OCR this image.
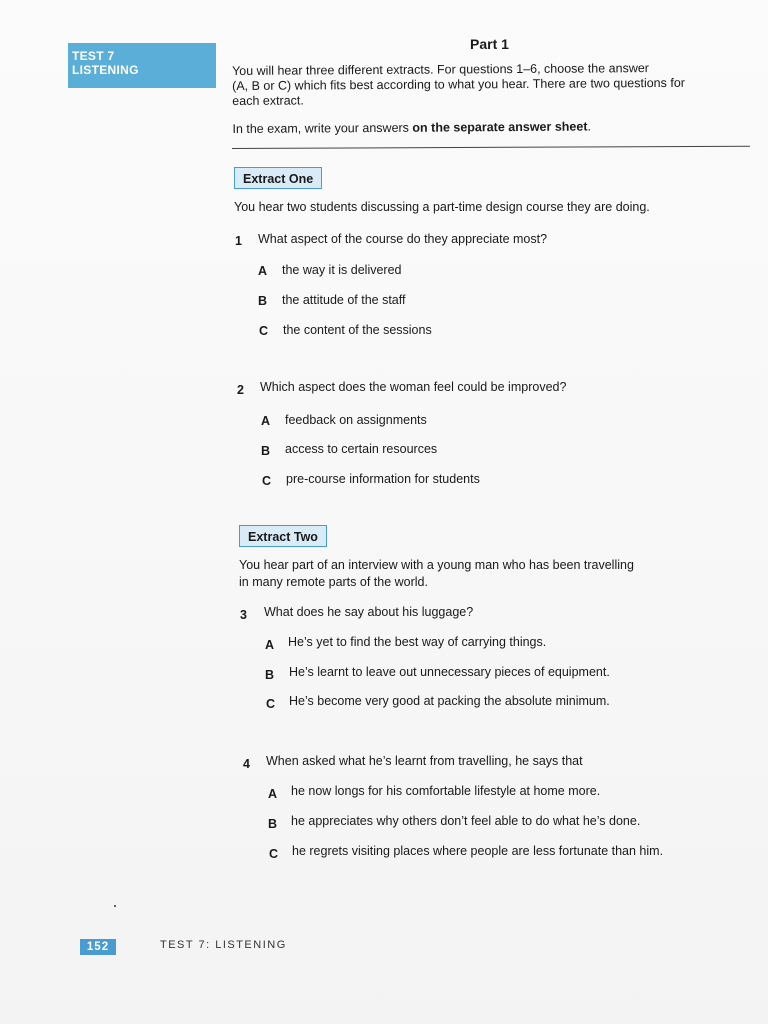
TEST 7
LISTENING
Part 1

You will hear three different extracts. For questions 1–6, choose the answer

(A, B or C) which fits best according to what you hear. There are two questions for

each extract.

In the exam, write your answers on the separate answer sheet.

Extract One
You hear two students discussing a part-time design course they are doing.
1 What aspect of the course do they appreciate most?
A the way it is delivered
B the attitude of the staff
C the content of the sessions
2 Which aspect does the woman feel could be improved?
A feedback on assignments
B access to certain resources
C pre-course information for students
Extract Two
You hear part of an interview with a young man who has been travelling
in many remote parts of the world.
3 What does he say about his luggage?
A He’s yet to find the best way of carrying things.
B He’s learnt to leave out unnecessary pieces of equipment.
C He’s become very good at packing the absolute minimum.
4 When asked what he’s learnt from travelling, he says that
A he now longs for his comfortable lifestyle at home more.
B he appreciates why others don’t feel able to do what he’s done.
C he regrets visiting places where people are less fortunate than him.
152	TEST 7: LISTENING
